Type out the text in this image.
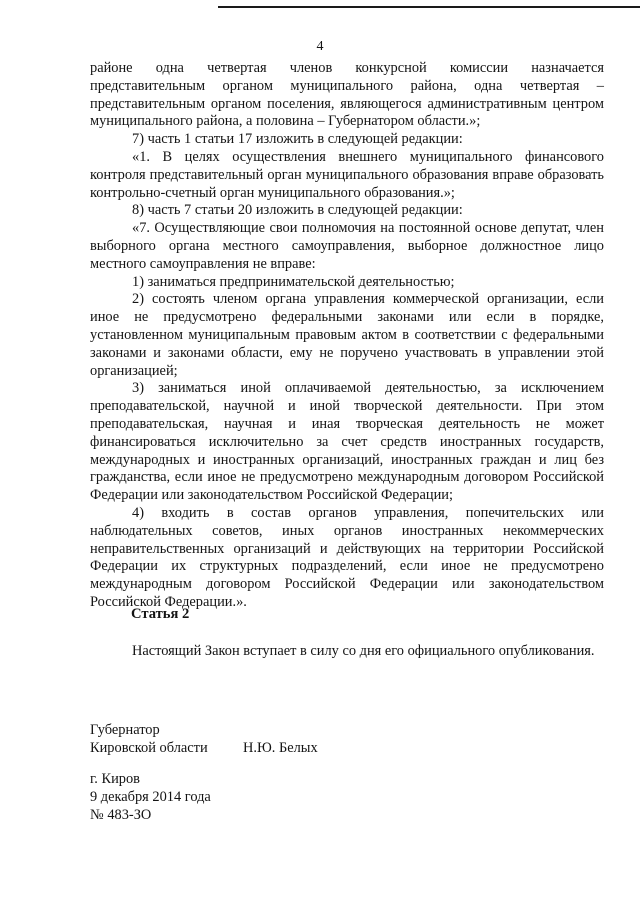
4

районе одна четвертая членов конкурсной комиссии назначается представительным органом муниципального района, одна четвертая – представительным органом поселения, являющегося административным центром муниципального района, а половина – Губернатором области.»;

7) часть 1 статьи 17 изложить в следующей редакции:

«1. В целях осуществления внешнего муниципального финансового контроля представительный орган муниципального образования вправе образовать контрольно-счетный орган муниципального образования.»;

8) часть 7 статьи 20 изложить в следующей редакции:

«7. Осуществляющие свои полномочия на постоянной основе депутат, член выборного органа местного самоуправления, выборное должностное лицо местного самоуправления не вправе:

1) заниматься предпринимательской деятельностью;

2) состоять членом органа управления коммерческой организации, если иное не предусмотрено федеральными законами или если в порядке, установленном муниципальным правовым актом в соответствии с федеральными законами и законами области, ему не поручено участвовать в управлении этой организацией;

3) заниматься иной оплачиваемой деятельностью, за исключением преподавательской, научной и иной творческой деятельности. При этом преподавательская, научная и иная творческая деятельность не может финансироваться исключительно за счет средств иностранных государств, международных и иностранных организаций, иностранных граждан и лиц без гражданства, если иное не предусмотрено международным договором Российской Федерации или законодательством Российской Федерации;

4) входить в состав органов управления, попечительских или наблюдательных советов, иных органов иностранных некоммерческих неправительственных организаций и действующих на территории Российской Федерации их структурных подразделений, если иное не предусмотрено международным договором Российской Федерации или законодательством Российской Федерации.».

Статья 2

Настоящий Закон вступает в силу со дня его официального опубликования.

Губернатор
Кировской области Н.Ю. Белых
г. Киров
9 декабря 2014 года
№ 483-ЗО
